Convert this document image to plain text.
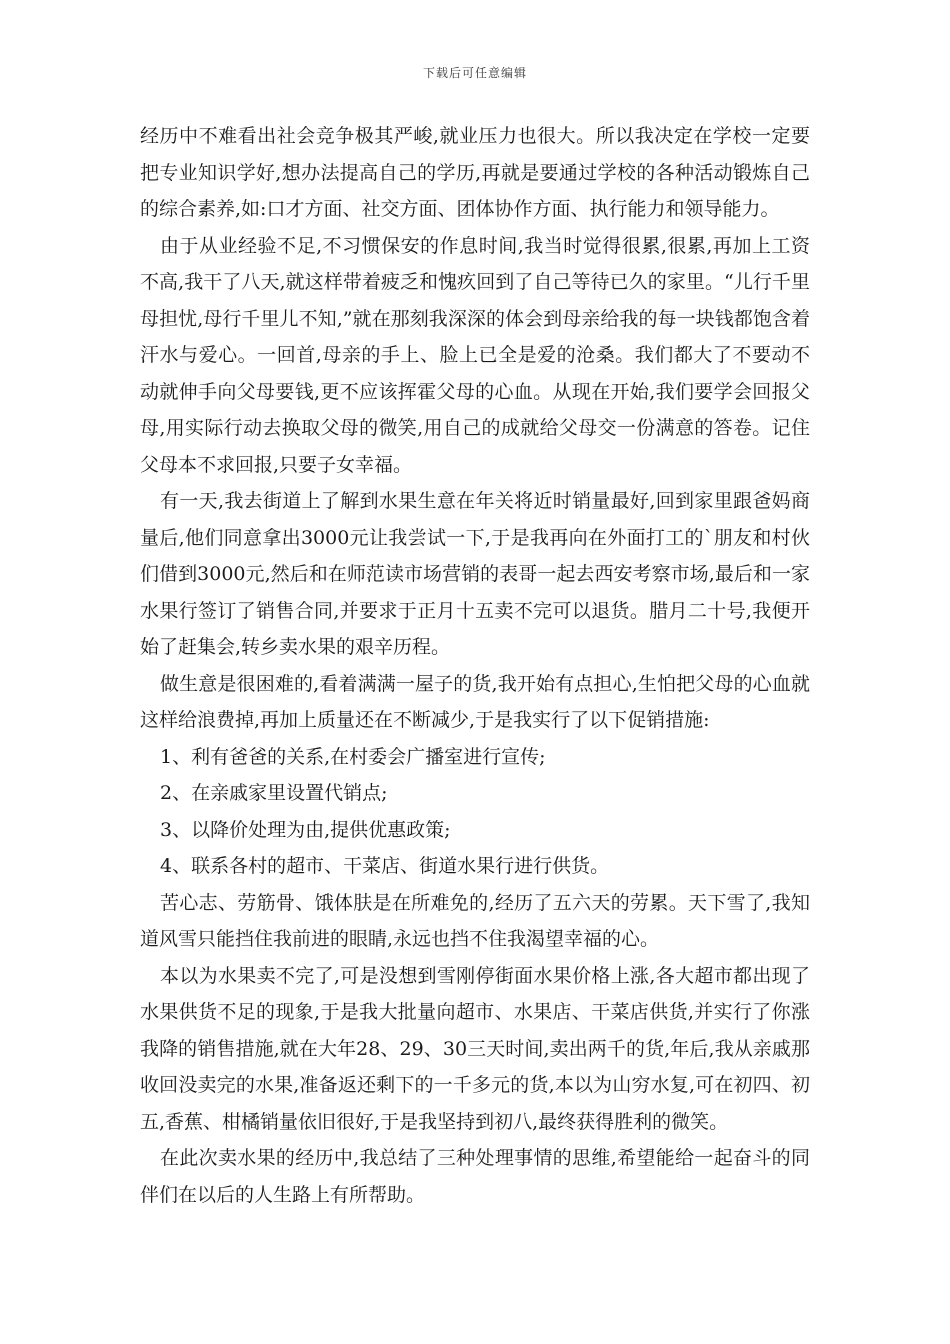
下载后可任意编辑

经历中不难看出社会竞争极其严峻,就业压力也很大。所以我决定在学校一定要把专业知识学好,想办法提高自己的学历,再就是要通过学校的各种活动锻炼自己的综合素养,如:口才方面、社交方面、团体协作方面、执行能力和领导能力。

由于从业经验不足,不习惯保安的作息时间,我当时觉得很累,很累,再加上工资不高,我干了八天,就这样带着疲乏和愧疚回到了自己等待已久的家里。“儿行千里母担忧,母行千里儿不知,”就在那刻我深深的体会到母亲给我的每一块钱都饱含着汗水与爱心。一回首,母亲的手上、脸上已全是爱的沧桑。我们都大了不要动不动就伸手向父母要钱,更不应该挥霍父母的心血。从现在开始,我们要学会回报父母,用实际行动去换取父母的微笑,用自己的成就给父母交一份满意的答卷。记住父母本不求回报,只要子女幸福。

有一天,我去街道上了解到水果生意在年关将近时销量最好,回到家里跟爸妈商量后,他们同意拿出3000元让我尝试一下,于是我再向在外面打工的`朋友和村伙们借到3000元,然后和在师范读市场营销的表哥一起去西安考察市场,最后和一家水果行签订了销售合同,并要求于正月十五卖不完可以退货。腊月二十号,我便开始了赶集会,转乡卖水果的艰辛历程。

做生意是很困难的,看着满满一屋子的货,我开始有点担心,生怕把父母的心血就这样给浪费掉,再加上质量还在不断减少,于是我实行了以下促销措施:

1、利有爸爸的关系,在村委会广播室进行宣传;

2、在亲戚家里设置代销点;

3、以降价处理为由,提供优惠政策;

4、联系各村的超市、干菜店、街道水果行进行供货。

苦心志、劳筋骨、饿体肤是在所难免的,经历了五六天的劳累。天下雪了,我知道风雪只能挡住我前进的眼睛,永远也挡不住我渴望幸福的心。

本以为水果卖不完了,可是没想到雪刚停街面水果价格上涨,各大超市都出现了水果供货不足的现象,于是我大批量向超市、水果店、干菜店供货,并实行了你涨我降的销售措施,就在大年28、29、30三天时间,卖出两千的货,年后,我从亲戚那收回没卖完的水果,准备返还剩下的一千多元的货,本以为山穷水复,可在初四、初五,香蕉、柑橘销量依旧很好,于是我坚持到初八,最终获得胜利的微笑。

在此次卖水果的经历中,我总结了三种处理事情的思维,希望能给一起奋斗的同伴们在以后的人生路上有所帮助。
